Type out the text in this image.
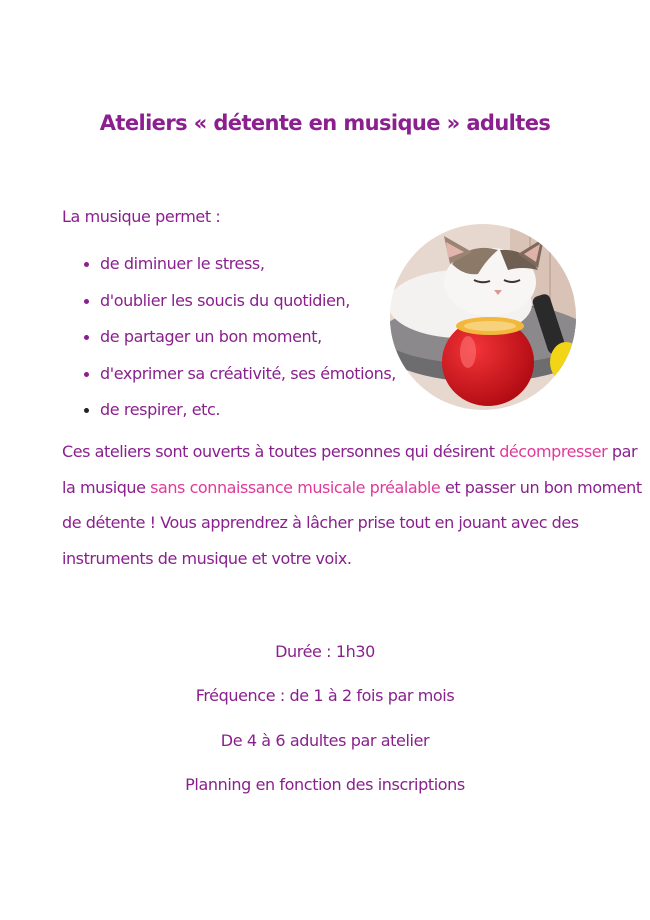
Ateliers « détente en musique » adultes
La musique permet :
de diminuer le stress,
d'oublier les soucis du quotidien,
de partager un bon moment,
d'exprimer sa créativité, ses émotions,
de respirer, etc.
Ces ateliers sont ouverts à toutes personnes qui désirent décompresser par
la musique sans connaissance musicale préalable et passer un bon moment
de détente ! Vous apprendrez à lâcher prise tout en jouant avec des
instruments de musique et votre voix.
Durée : 1h30
Fréquence : de 1 à 2 fois par mois
De 4 à 6 adultes par atelier
Planning en fonction des inscriptions
